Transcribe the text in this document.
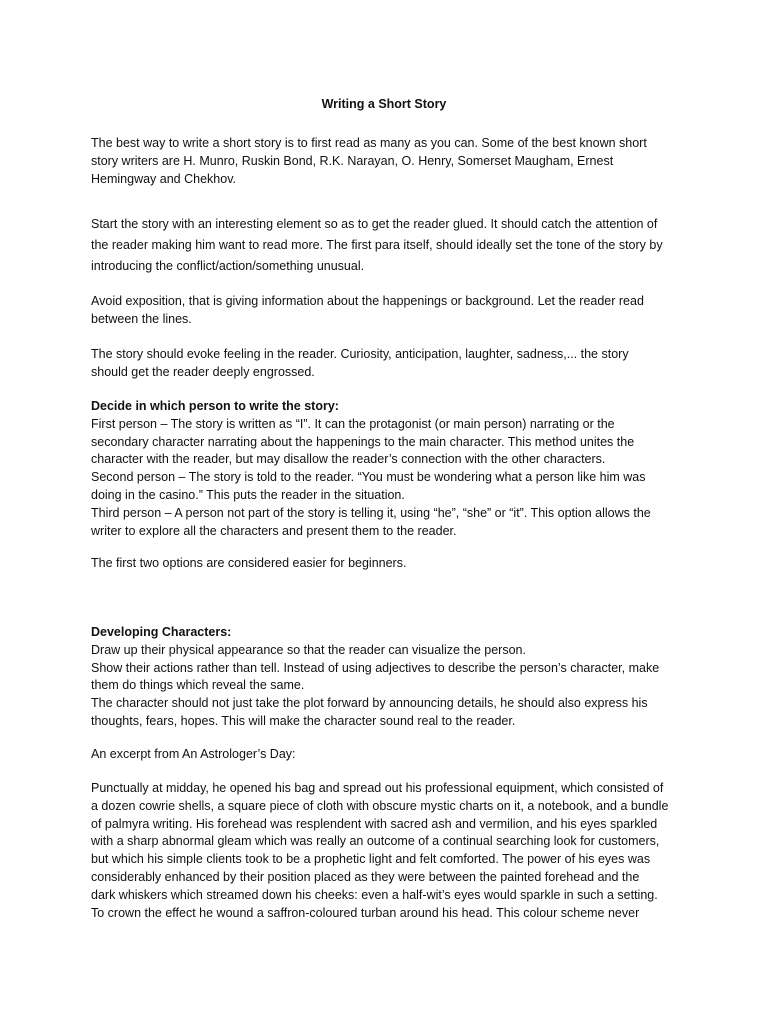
Writing a Short Story
The best way to write a short story is to first read as many as you can. Some of the best known short
story writers are H. Munro, Ruskin Bond, R.K. Narayan, O. Henry, Somerset Maugham, Ernest
Hemingway and Chekhov.
Start the story with an interesting element so as to get the reader glued. It should catch the attention of
the reader making him want to read more. The first para itself, should ideally set the tone of the story by
introducing the conflict/action/something unusual.
Avoid exposition, that is giving information about the happenings or background. Let the reader read
between the lines.
The story should evoke feeling in the reader. Curiosity, anticipation, laughter, sadness,... the story
should get the reader deeply engrossed.
Decide in which person to write the story:
First person – The story is written as “I”. It can the protagonist (or main person) narrating or the
secondary character narrating about the happenings to the main character. This method unites the
character with the reader, but may disallow the reader’s connection with the other characters.
Second person – The story is told to the reader. “You must be wondering what a person like him was
doing in the casino.” This puts the reader in the situation.
Third person – A person not part of the story is telling it, using “he”, “she” or “it”. This option allows the
writer to explore all the characters and present them to the reader.
The first two options are considered easier for beginners.
Developing Characters:
Draw up their physical appearance so that the reader can visualize the person.
Show their actions rather than tell. Instead of using adjectives to describe the person’s character, make
them do things which reveal the same.
The character should not just take the plot forward by announcing details, he should also express his
thoughts, fears, hopes. This will make the character sound real to the reader.
An excerpt from An Astrologer’s Day:
Punctually at midday, he opened his bag and spread out his professional equipment, which consisted of
a dozen cowrie shells, a square piece of cloth with obscure mystic charts on it, a notebook, and a bundle
of palmyra writing. His forehead was resplendent with sacred ash and vermilion, and his eyes sparkled
with a sharp abnormal gleam which was really an outcome of a continual searching look for customers,
but which his simple clients took to be a prophetic light and felt comforted. The power of his eyes was
considerably enhanced by their position placed as they were between the painted forehead and the
dark whiskers which streamed down his cheeks: even a half-wit’s eyes would sparkle in such a setting.
To crown the effect he wound a saffron-coloured turban around his head. This colour scheme never
